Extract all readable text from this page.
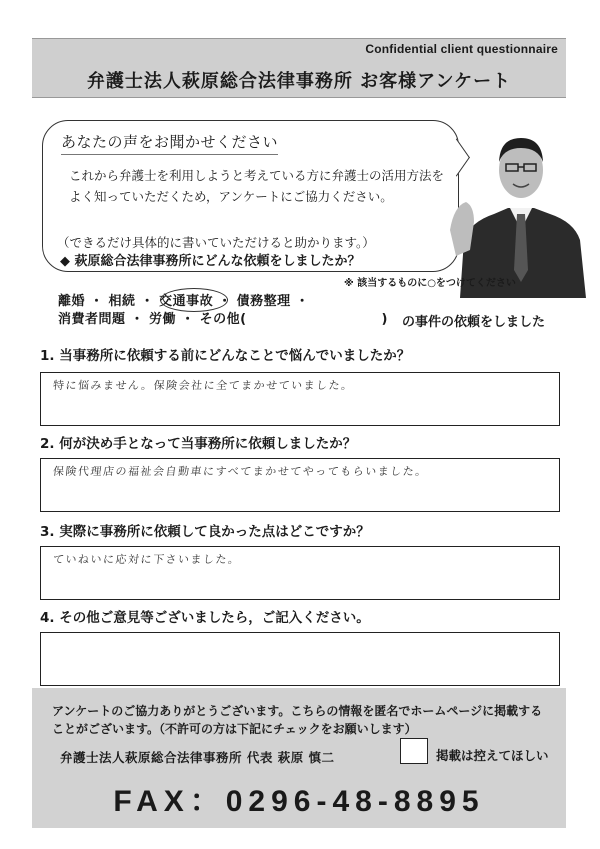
Confidential client questionnaire
弁護士法人萩原総合法律事務所 お客様アンケート
あなたの声をお聞かせください
これから弁護士を利用しようと考えている方に弁護士の活用方法をよく知っていただくため，アンケートにご協力ください。
（できるだけ具体的に書いていただけると助かります。）
◆ 萩原総合法律事務所にどんな依頼をしましたか？
※ 該当するものに○をつけてください
離婚 ・ 相続 ・ 交通事故 ・ 債務整理 ・
消費者問題 ・ 労働 ・ その他(　　　　　　　　　　) の事件の依頼をしました
1. 当事務所に依頼する前にどんなことで悩んでいましたか？
特に悩みません。保険会社に全てまかせていました。
2. 何が決め手となって当事務所に依頼しましたか？
保険代理店の福祉会自動車にすべてまかせてやってもらいました。
3. 実際に事務所に依頼して良かった点はどこですか？
ていねいに応対に下さいました。
4. その他ご意見等ございましたら，ご記入ください。
アンケートのご協力ありがとうございます。こちらの情報を匿名でホームページに掲載することがございます。（不許可の方は下記にチェックをお願いします）
弁護士法人萩原総合法律事務所 代表 萩原 慎二	掲載は控えてほしい
FAX：0296-48-8895
